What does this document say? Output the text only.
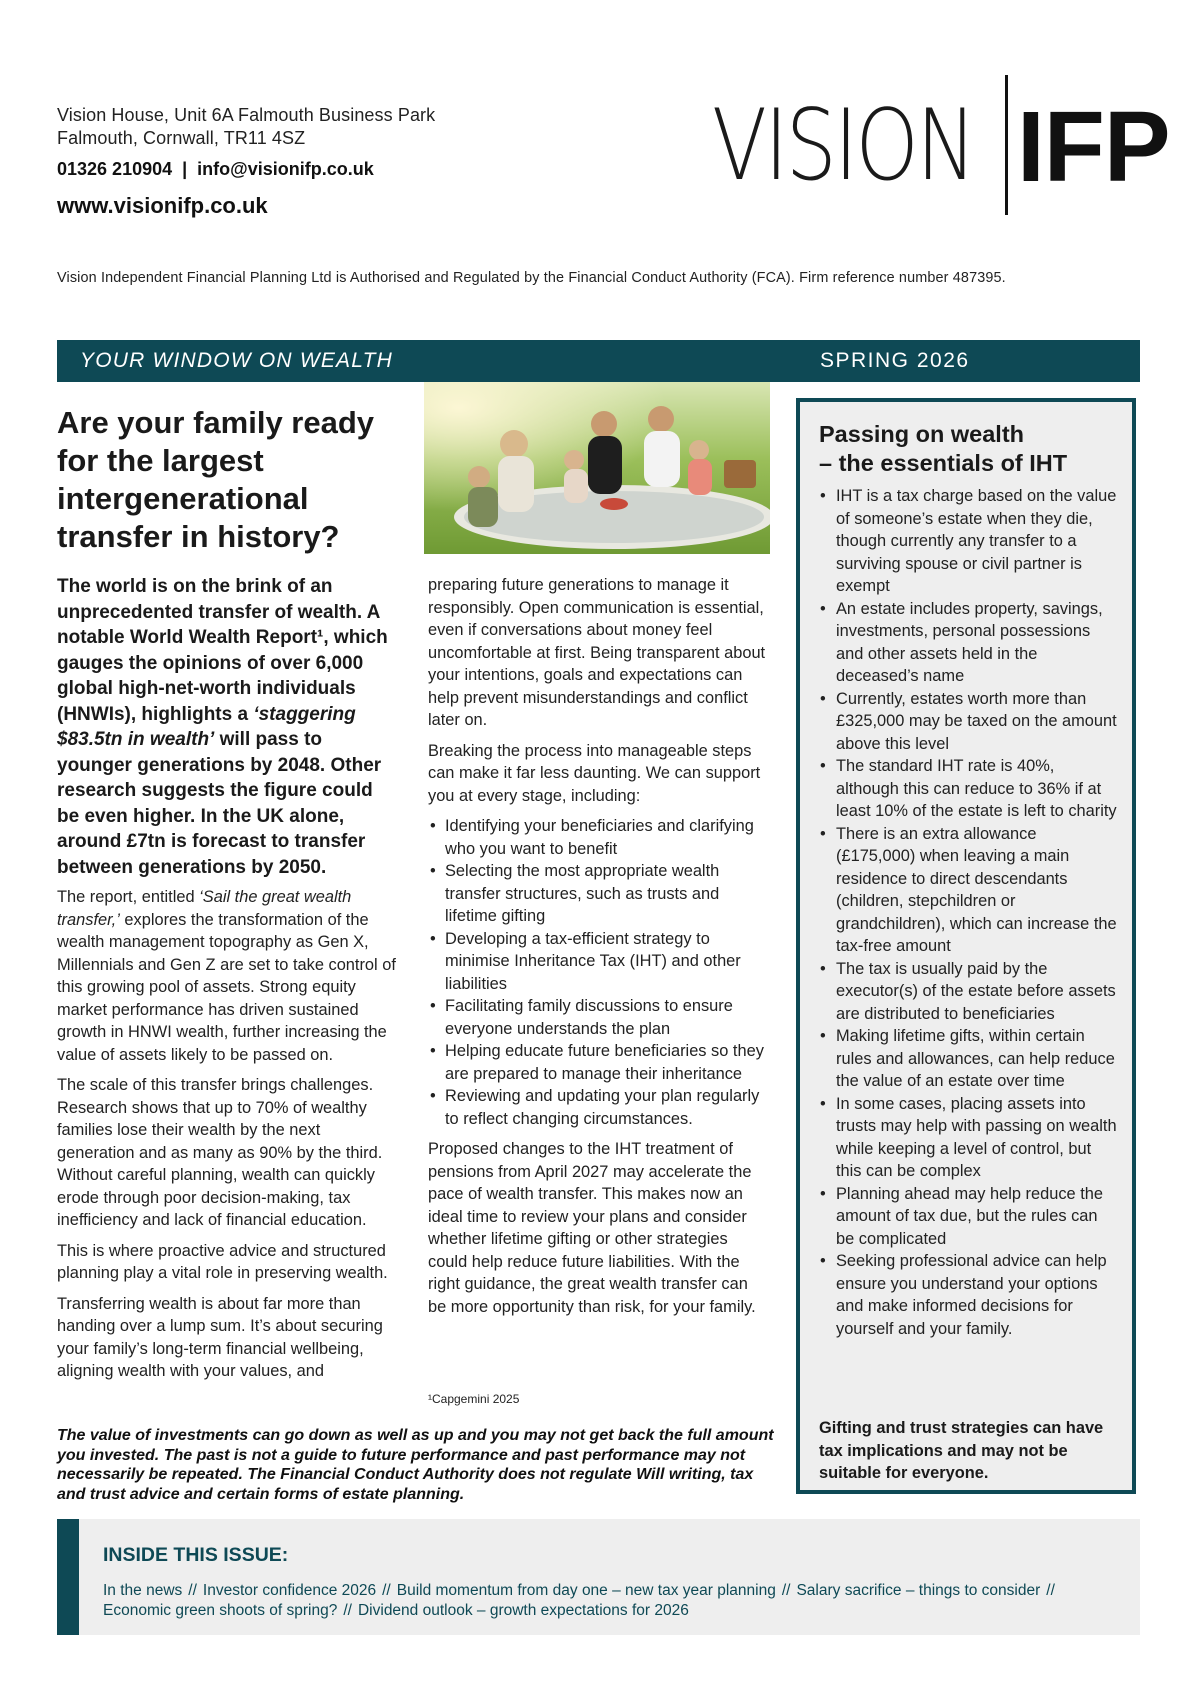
Vision House, Unit 6A Falmouth Business Park
Falmouth, Cornwall, TR11 4SZ
01326 210904 | info@visionifp.co.uk
www.visionifp.co.uk
VISION IFP
Vision Independent Financial Planning Ltd is Authorised and Regulated by the Financial Conduct Authority (FCA). Firm reference number 487395.
YOUR WINDOW ON WEALTH	SPRING 2026
Are your family ready for the largest intergenerational transfer in history?
The world is on the brink of an unprecedented transfer of wealth. A notable World Wealth Report¹, which gauges the opinions of over 6,000 global high-net-worth individuals (HNWIs), highlights a ‘staggering $83.5tn in wealth’ will pass to younger generations by 2048. Other research suggests the figure could be even higher. In the UK alone, around £7tn is forecast to transfer between generations by 2050.

The report, entitled ‘Sail the great wealth transfer,’ explores the transformation of the wealth management topography as Gen X, Millennials and Gen Z are set to take control of this growing pool of assets. Strong equity market performance has driven sustained growth in HNWI wealth, further increasing the value of assets likely to be passed on.

The scale of this transfer brings challenges. Research shows that up to 70% of wealthy families lose their wealth by the next generation and as many as 90% by the third. Without careful planning, wealth can quickly erode through poor decision-making, tax inefficiency and lack of financial education.

This is where proactive advice and structured planning play a vital role in preserving wealth.

Transferring wealth is about far more than handing over a lump sum. It’s about securing your family’s long-term financial wellbeing, aligning wealth with your values, and

preparing future generations to manage it responsibly. Open communication is essential, even if conversations about money feel uncomfortable at first. Being transparent about your intentions, goals and expectations can help prevent misunderstandings and conflict later on.

Breaking the process into manageable steps can make it far less daunting. We can support you at every stage, including:

• Identifying your beneficiaries and clarifying who you want to benefit
• Selecting the most appropriate wealth transfer structures, such as trusts and lifetime gifting
• Developing a tax-efficient strategy to minimise Inheritance Tax (IHT) and other liabilities
• Facilitating family discussions to ensure everyone understands the plan
• Helping educate future beneficiaries so they are prepared to manage their inheritance
• Reviewing and updating your plan regularly to reflect changing circumstances.

Proposed changes to the IHT treatment of pensions from April 2027 may accelerate the pace of wealth transfer. This makes now an ideal time to review your plans and consider whether lifetime gifting or other strategies could help reduce future liabilities. With the right guidance, the great wealth transfer can be more opportunity than risk, for your family.

¹Capgemini 2025
The value of investments can go down as well as up and you may not get back the full amount you invested. The past is not a guide to future performance and past performance may not necessarily be repeated. The Financial Conduct Authority does not regulate Will writing, tax and trust advice and certain forms of estate planning.
Passing on wealth
– the essentials of IHT
• IHT is a tax charge based on the value of someone’s estate when they die, though currently any transfer to a surviving spouse or civil partner is exempt
• An estate includes property, savings, investments, personal possessions and other assets held in the deceased’s name
• Currently, estates worth more than £325,000 may be taxed on the amount above this level
• The standard IHT rate is 40%, although this can reduce to 36% if at least 10% of the estate is left to charity
• There is an extra allowance (£175,000) when leaving a main residence to direct descendants (children, stepchildren or grandchildren), which can increase the tax-free amount
• The tax is usually paid by the executor(s) of the estate before assets are distributed to beneficiaries
• Making lifetime gifts, within certain rules and allowances, can help reduce the value of an estate over time
• In some cases, placing assets into trusts may help with passing on wealth while keeping a level of control, but this can be complex
• Planning ahead may help reduce the amount of tax due, but the rules can be complicated
• Seeking professional advice can help ensure you understand your options and make informed decisions for yourself and your family.
Gifting and trust strategies can have tax implications and may not be suitable for everyone.
INSIDE THIS ISSUE:
In the news // Investor confidence 2026 // Build momentum from day one – new tax year planning // Salary sacrifice – things to consider //
Economic green shoots of spring? // Dividend outlook – growth expectations for 2026
